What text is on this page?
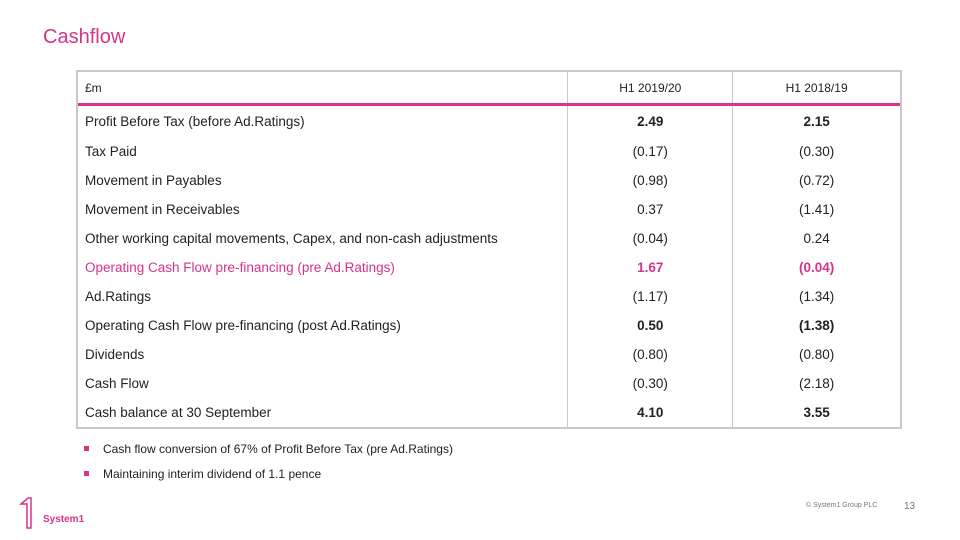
Cashflow
£m	H1 2019/20	H1 2018/19
Profit Before Tax (before Ad.Ratings)	2.49	2.15
Tax Paid	(0.17)	(0.30)
Movement in Payables	(0.98)	(0.72)
Movement in Receivables	0.37	(1.41)
Other working capital movements, Capex, and non-cash adjustments	(0.04)	0.24
Operating Cash Flow pre-financing (pre Ad.Ratings)	1.67	(0.04)
Ad.Ratings	(1.17)	(1.34)
Operating Cash Flow pre-financing (post Ad.Ratings)	0.50	(1.38)
Dividends	(0.80)	(0.80)
Cash Flow	(0.30)	(2.18)
Cash balance at 30 September	4.10	3.55
Cash flow conversion of 67% of Profit Before Tax (pre Ad.Ratings)
Maintaining interim dividend of 1.1 pence
System1
© System1 Group PLC	13
